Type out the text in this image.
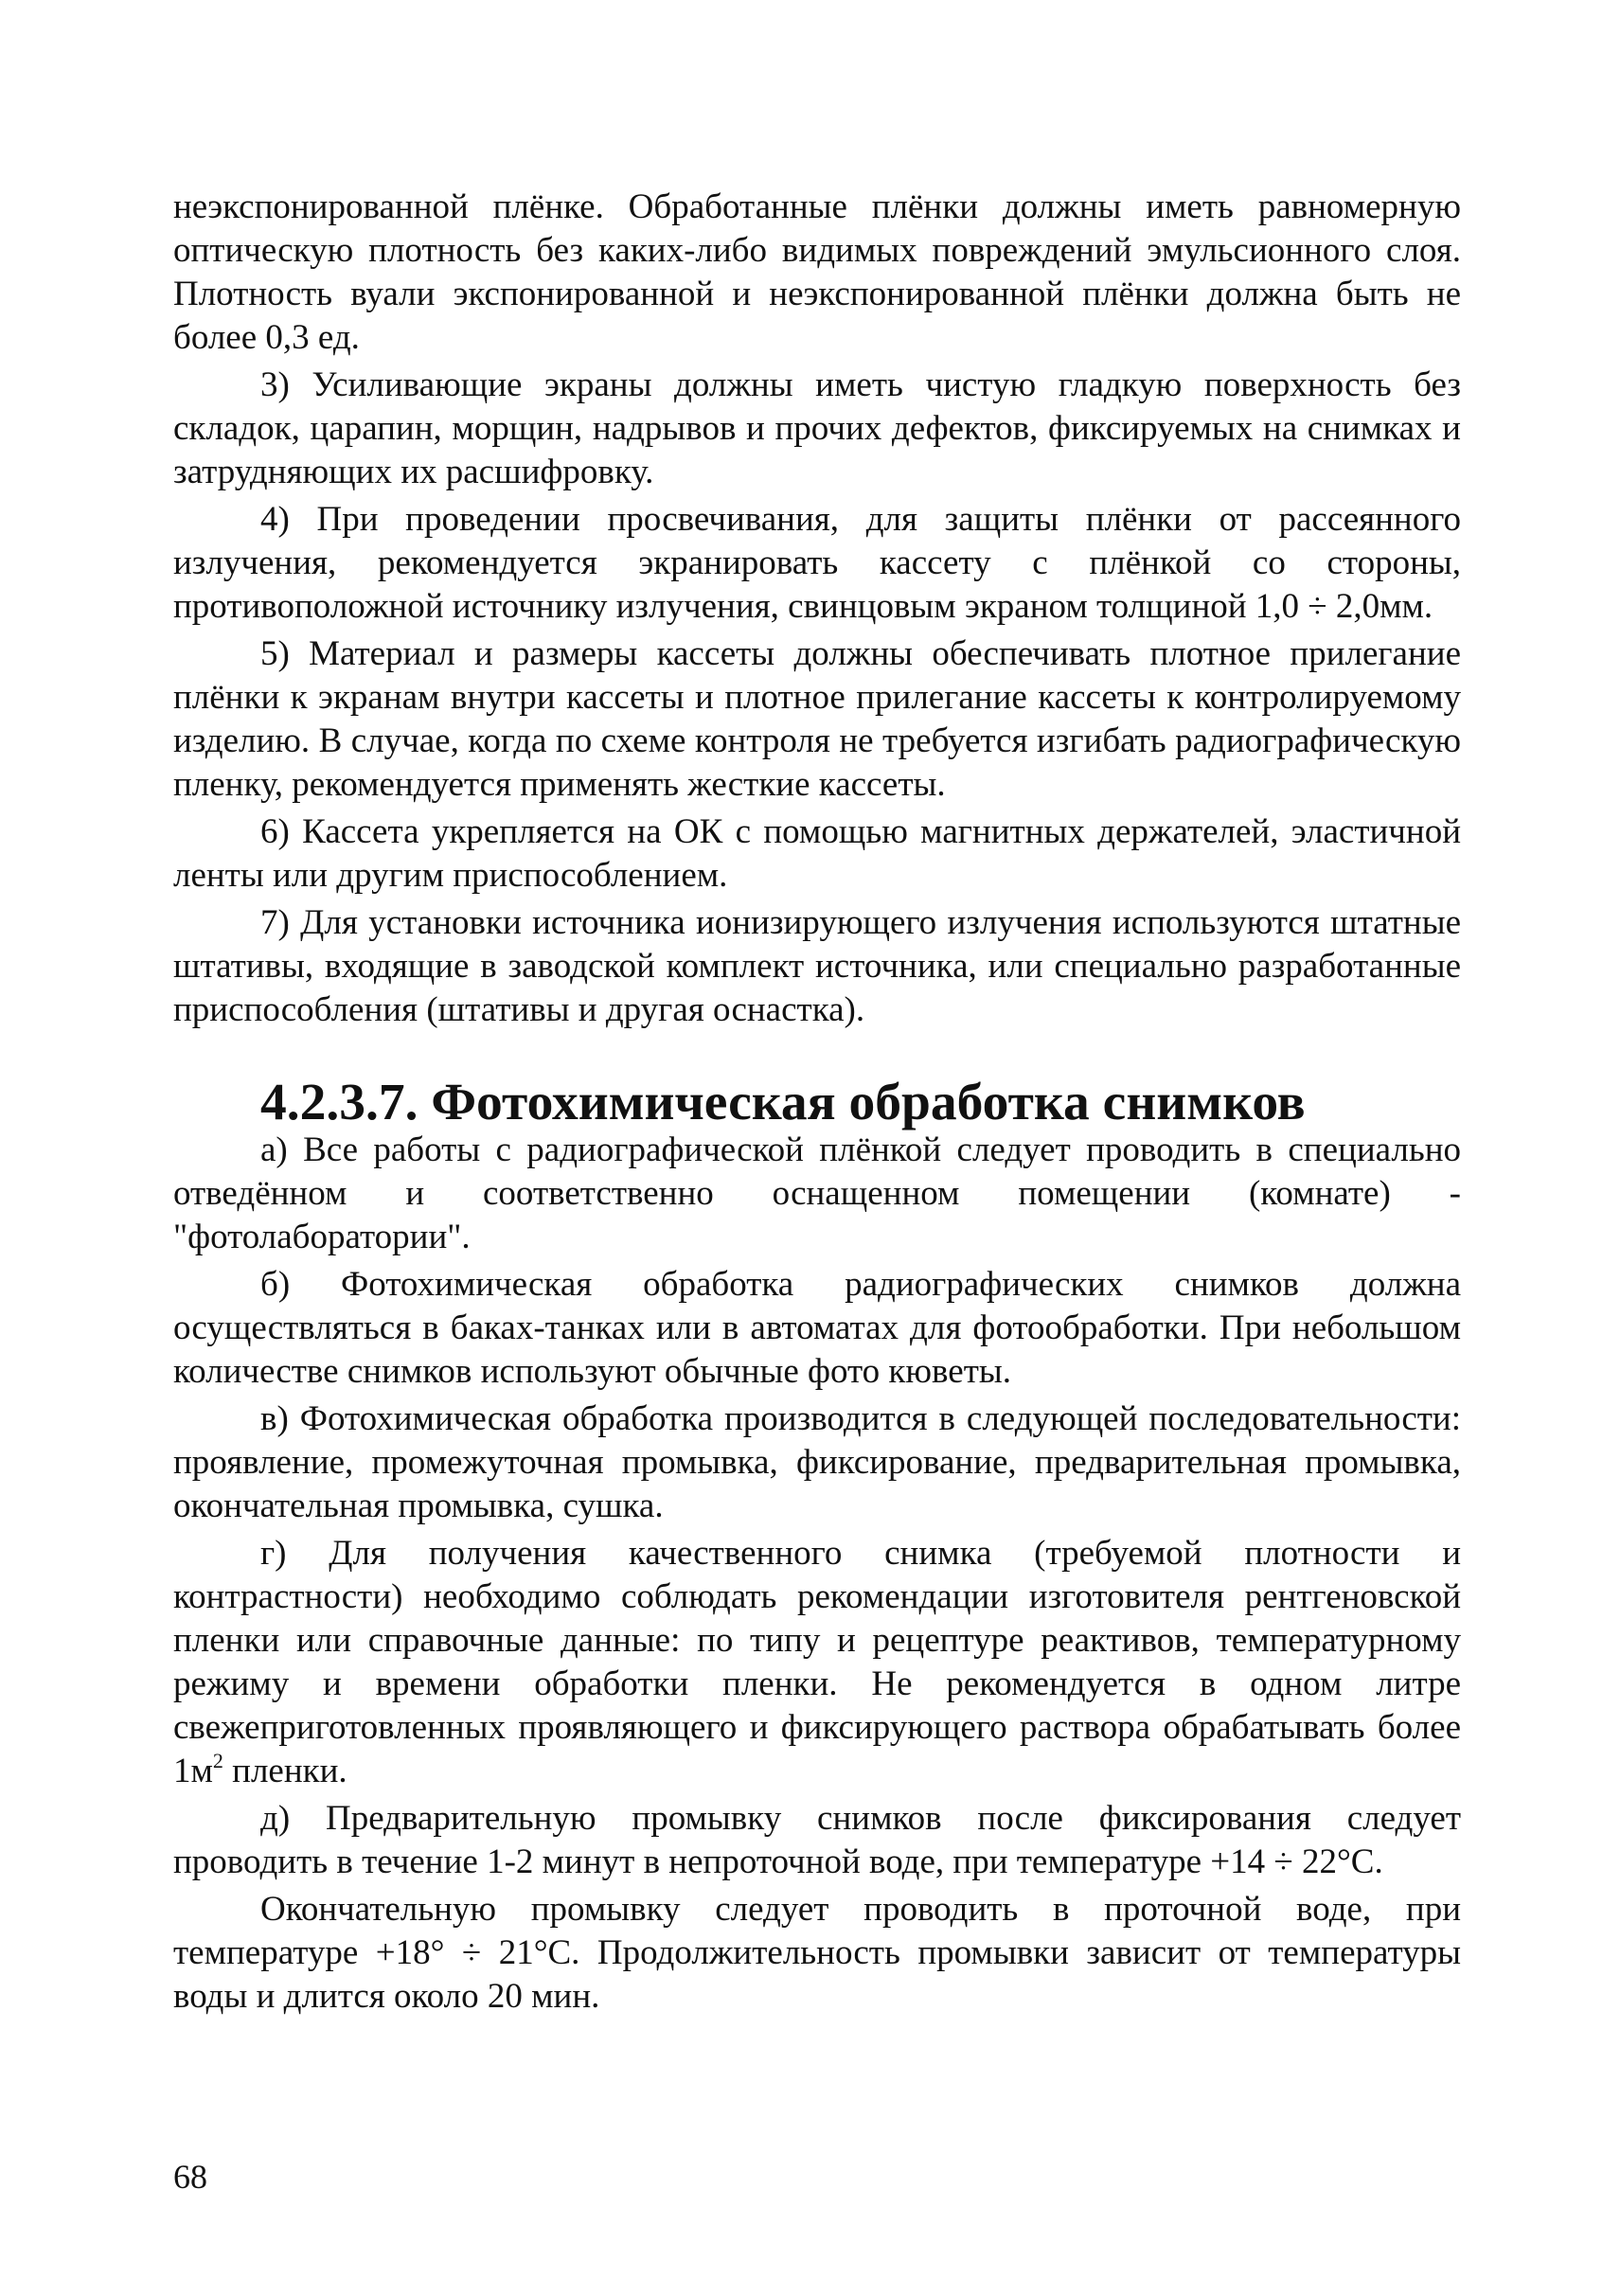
неэкспонированной плёнке. Обработанные плёнки должны иметь равномерную оптическую плотность без каких-либо видимых повреждений эмульсионного слоя. Плотность вуали экспонированной и неэкспонированной плёнки должна быть не более 0,3 ед.

3) Усиливающие экраны должны иметь чистую гладкую поверхность без складок, царапин, морщин, надрывов и прочих дефектов, фиксируемых на снимках и затрудняющих их расшифровку.

4) При проведении просвечивания, для защиты плёнки от рассеянного излучения, рекомендуется экранировать кассету с плёнкой со стороны, противоположной источнику излучения, свинцовым экраном толщиной 1,0 ÷ 2,0мм.

5) Материал и размеры кассеты должны обеспечивать плотное прилегание плёнки к экранам внутри кассеты и плотное прилегание кассеты к контролируемому изделию. В случае, когда по схеме контроля не требуется изгибать радиографическую пленку, рекомендуется применять жесткие кассеты.

6) Кассета укрепляется на ОК с помощью магнитных держателей, эластичной ленты или другим приспособлением.

7) Для установки источника ионизирующего излучения используются штатные штативы, входящие в заводской комплект источника, или специально разработанные приспособления (штативы и другая оснастка).

4.2.3.7. Фотохимическая обработка снимков

а) Все работы с радиографической плёнкой следует проводить в специально отведённом и соответственно оснащенном помещении (комнате) - "фотолаборатории".

б) Фотохимическая обработка радиографических снимков должна осуществляться в баках-танках или в автоматах для фотообработки. При небольшом количестве снимков используют обычные фото кюветы.

в) Фотохимическая обработка производится в следующей последовательности: проявление, промежуточная промывка, фиксирование, предварительная промывка, окончательная промывка, сушка.

г) Для получения качественного снимка (требуемой плотности и контрастности) необходимо соблюдать рекомендации изготовителя рентгеновской пленки или справочные данные: по типу и рецептуре реактивов, температурному режиму и времени обработки пленки. Не рекомендуется в одном литре свежеприготовленных проявляющего и фиксирующего раствора обрабатывать более $1м^2$ пленки.

д) Предварительную промывку снимков после фиксирования следует проводить в течение 1-2 минут в непроточной воде, при температуре +14 ÷ 22°С.

Окончательную промывку следует проводить в проточной воде, при температуре +18° ÷ 21°С. Продолжительность промывки зависит от температуры воды и длится около 20 мин.

68
